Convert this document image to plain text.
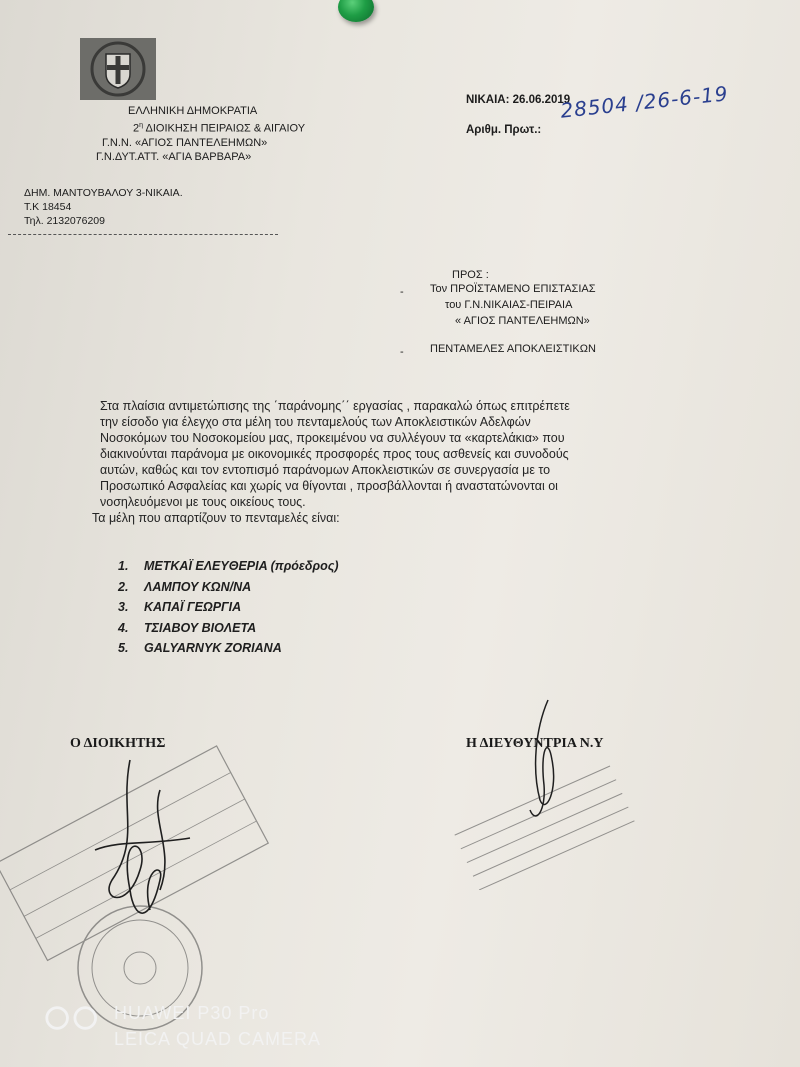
ΕΛΛΗΝΙΚΗ ΔΗΜΟΚΡΑΤΙΑ
$2^\eta$ ΔΙΟΙΚΗΣΗ ΠΕΙΡΑΙΩΣ & ΑΙΓΑΙΟΥ
Γ.Ν.Ν. «ΑΓΙΟΣ ΠΑΝΤΕΛΕΗΜΩΝ»
Γ.Ν.ΔΥΤ.ΑΤΤ. «ΑΓΙΑ ΒΑΡΒΑΡΑ»
ΔΗΜ. ΜΑΝΤΟΥΒΑΛΟΥ 3-ΝΙΚΑΙΑ.
Τ.Κ 18454
Τηλ. 2132076209
ΝΙΚΑΙΑ: 26.06.2019
Αριθμ. Πρωτ.:
28504 /26-6-19
ΠΡΟΣ :
- Τον ΠΡΟΪΣΤΑΜΕΝΟ ΕΠΙΣΤΑΣΙΑΣ
του Γ.Ν.ΝΙΚΑΙΑΣ-ΠΕΙΡΑΙΑ
« ΑΓΙΟΣ ΠΑΝΤΕΛΕΗΜΩΝ»
- ΠΕΝΤΑΜΕΛΕΣ ΑΠΟΚΛΕΙΣΤΙΚΩΝ
Στα πλαίσια αντιμετώπισης της ΄παράνομης΄΄ εργασίας , παρακαλώ όπως επιτρέπετε
την είσοδο για έλεγχο στα μέλη του πενταμελούς των Αποκλειστικών Αδελφών
Νοσοκόμων του Νοσοκομείου μας, προκειμένου να συλλέγουν τα «καρτελάκια» που
διακινούνται παράνομα με οικονομικές προσφορές προς τους ασθενείς και συνοδούς
αυτών, καθώς και τον εντοπισμό παράνομων Αποκλειστικών σε συνεργασία με το
Προσωπικό Ασφαλείας και χωρίς να θίγονται , προσβάλλονται ή αναστατώνονται οι
νοσηλευόμενοι με τους οικείους τους.
Τα μέλη που απαρτίζουν το πενταμελές είναι:
1. ΜΕΤΚΑΪ ΕΛΕΥΘΕΡΙΑ (πρόεδρος)
2. ΛΑΜΠΟΥ ΚΩΝ/ΝΑ
3. ΚΑΠΑΪ ΓΕΩΡΓΙΑ
4. ΤΣΙΑΒΟΥ ΒΙΟΛΕΤΑ
5. GALYARNYK ZORIANA
Ο ΔΙΟΙΚΗΤΗΣ	Η ΔΙΕΥΘΥΝΤΡΙΑ Ν.Υ
HUAWEI P30 Pro
LEICA QUAD CAMERA
